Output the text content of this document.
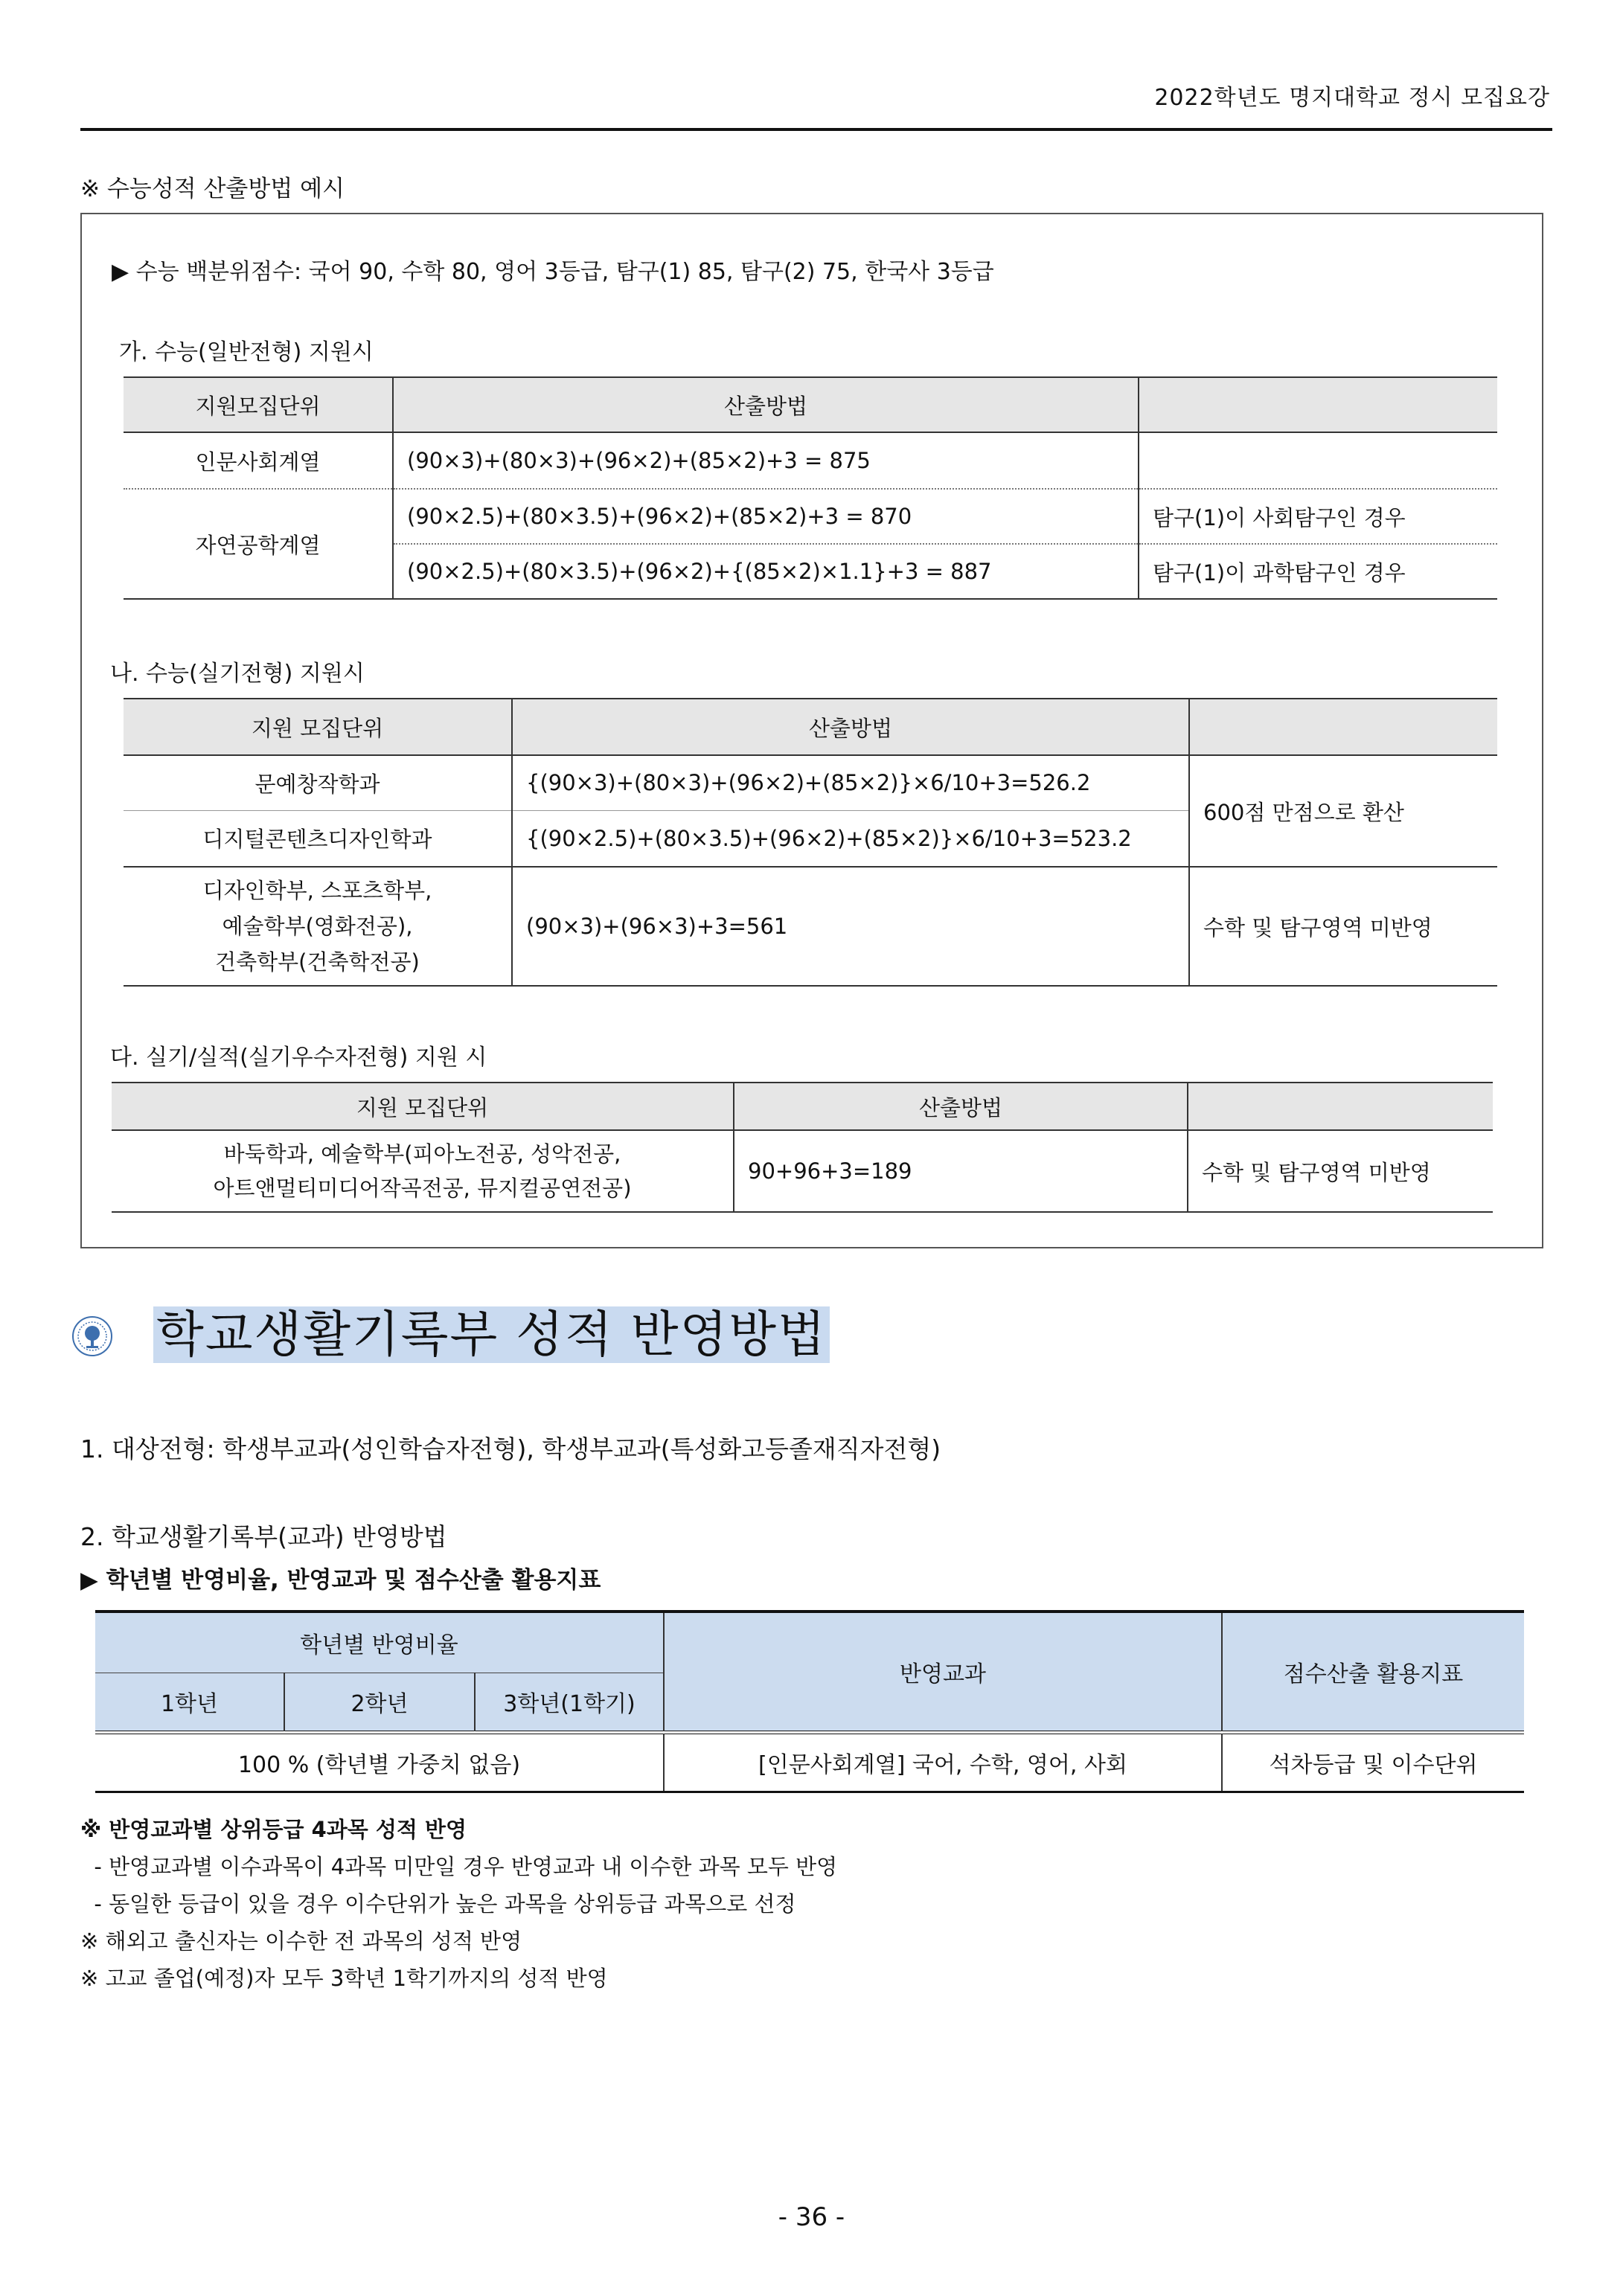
2022학년도 명지대학교 정시 모집요강
※ 수능성적 산출방법 예시
▶ 수능 백분위점수: 국어 90, 수학 80, 영어 3등급, 탐구(1) 85, 탐구(2) 75, 한국사 3등급
가. 수능(일반전형) 지원시
지원모집단위	산출방법	
인문사회계열	(90×3)+(80×3)+(96×2)+(85×2)+3 = 875	
자연공학계열	(90×2.5)+(80×3.5)+(96×2)+(85×2)+3 = 870	탐구(1)이 사회탐구인 경우
	(90×2.5)+(80×3.5)+(96×2)+{(85×2)×1.1}+3 = 887	탐구(1)이 과학탐구인 경우
나. 수능(실기전형) 지원시
지원 모집단위	산출방법	
문예창작학과	{(90×3)+(80×3)+(96×2)+(85×2)}×6/10+3=526.2	600점 만점으로 환산
디지털콘텐츠디자인학과	{(90×2.5)+(80×3.5)+(96×2)+(85×2)}×6/10+3=523.2	

디자인학부, 스포츠학부,
예술학부(영화전공),
건축학부(건축학전공)	(90×3)+(96×3)+3=561	수학 및 탐구영역 미반영
다. 실기/실적(실기우수자전형) 지원 시
지원 모집단위	산출방법	

바둑학과, 예술학부(피아노전공, 성악전공,
아트앤멀티미디어작곡전공, 뮤지컬공연전공)	90+96+3=189	수학 및 탐구영역 미반영
학교생활기록부 성적 반영방법
1. 대상전형: 학생부교과(성인학습자전형), 학생부교과(특성화고등졸재직자전형)
2. 학교생활기록부(교과) 반영방법
▶ 학년별 반영비율, 반영교과 및 점수산출 활용지표

학년별 반영비율			반영교과	점수산출 활용지표
1학년	2학년	3학년(1학기)		

100 % (학년별 가중치 없음)			[인문사회계열] 국어, 수학, 영어, 사회	석차등급 및 이수단위
※ 반영교과별 상위등급 4과목 성적 반영
- 반영교과별 이수과목이 4과목 미만일 경우 반영교과 내 이수한 과목 모두 반영
- 동일한 등급이 있을 경우 이수단위가 높은 과목을 상위등급 과목으로 선정
※ 해외고 출신자는 이수한 전 과목의 성적 반영
※ 고교 졸업(예정)자 모두 3학년 1학기까지의 성적 반영
- 36 -
